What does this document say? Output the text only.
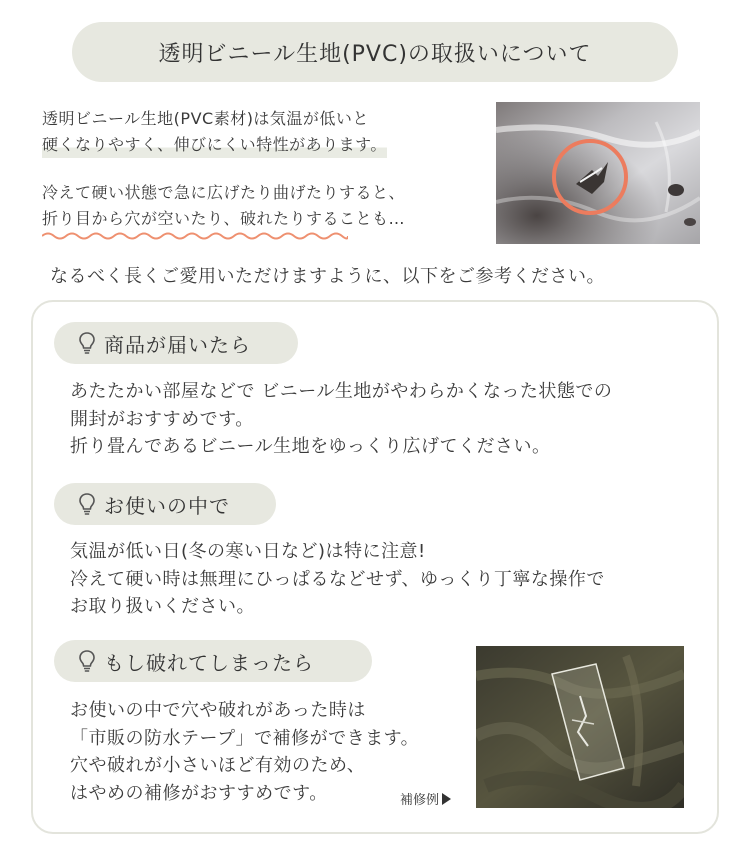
透明ビニール生地(PVC)の取扱いについて
透明ビニール生地(PVC素材)は気温が低いと
硬くなりやすく、伸びにくい特性があります。
冷えて硬い状態で急に広げたり曲げたりすると、
折り目から穴が空いたり、破れたりすることも…
なるべく長くご愛用いただけますように、以下をご参考ください。
商品が届いたら
あたたかい部屋などで ビニール生地がやわらかくなった状態での
開封がおすすめです。
折り畳んであるビニール生地をゆっくり広げてください。
お使いの中で
気温が低い日(冬の寒い日など)は特に注意!
冷えて硬い時は無理にひっぱるなどせず、ゆっくり丁寧な操作で
お取り扱いください。
もし破れてしまったら
お使いの中で穴や破れがあった時は
「市販の防水テープ」で補修ができます。
穴や破れが小さいほど有効のため、
はやめの補修がおすすめです。	補修例
